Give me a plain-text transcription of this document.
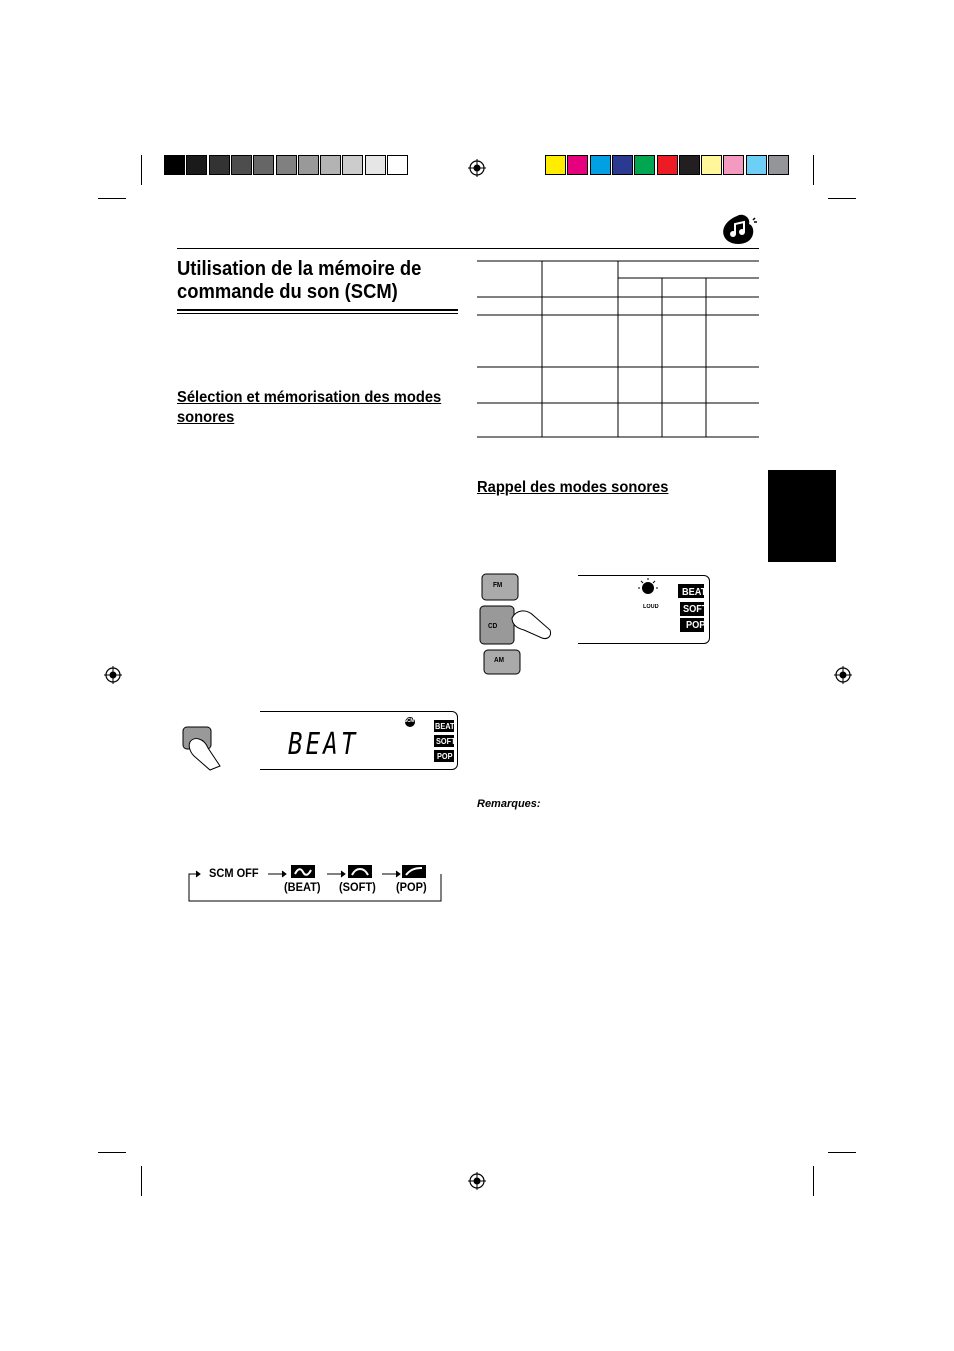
Utilisation de la mémoire de commande du son (SCM)
Sélection et mémorisation des modes sonores
Rappel des modes sonores
FM
CD
AM
BEAT
SOFT
POP
LOUD
BEAT
SCM
BEAT
SOFT
POP
Remarques:
SCM OFF
(BEAT) (SOFT) (POP)
